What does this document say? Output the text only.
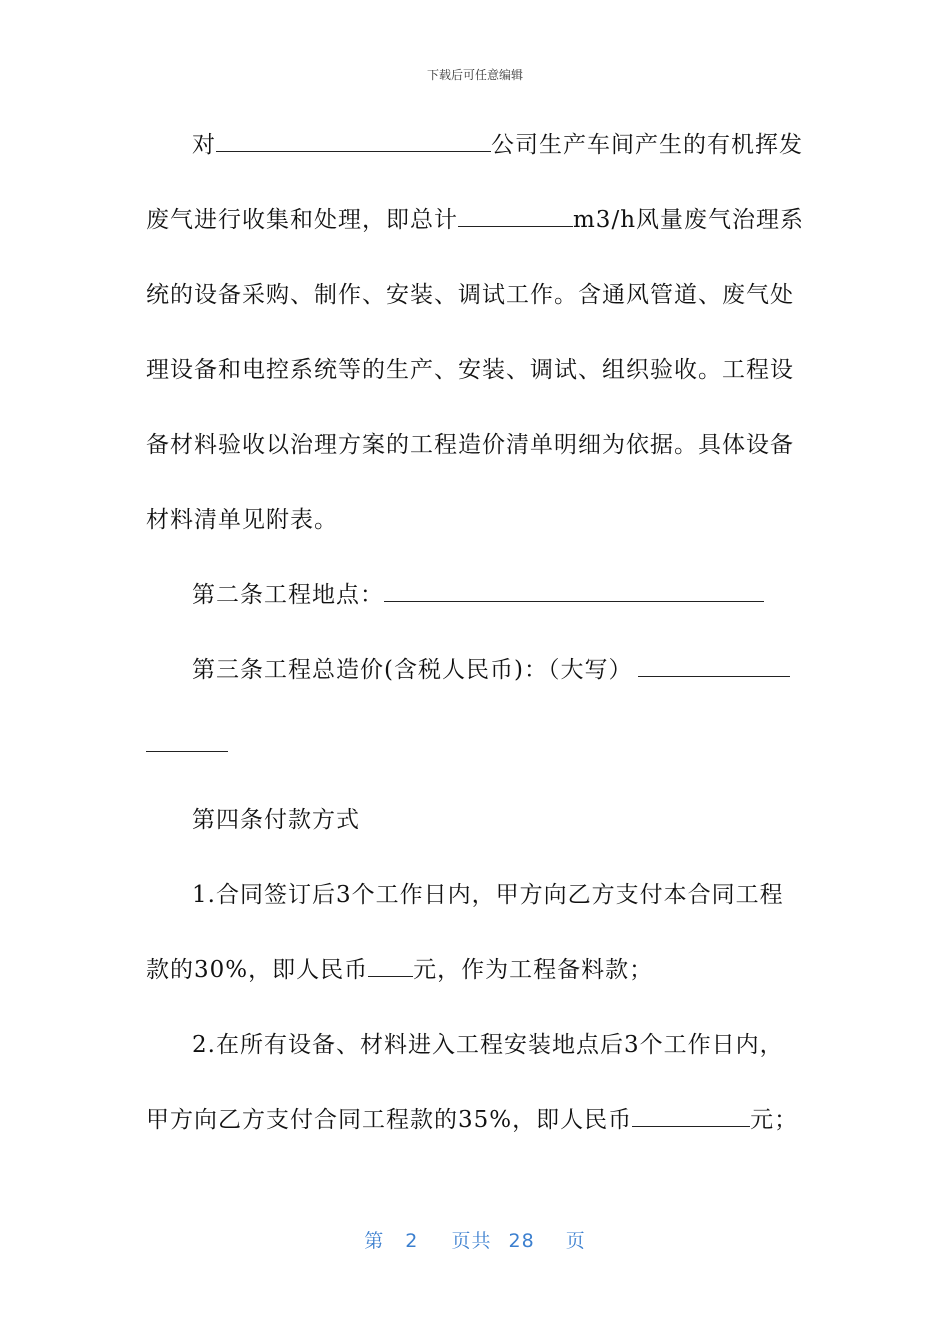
下载后可任意编辑
对	公司生产车间产生的有机挥发
废气进行收集和处理，即总计	m3/h风量废气治理系
统的设备采购、制作、安装、调试工作。含通风管道、废气处
理设备和电控系统等的生产、安装、调试、组织验收。工程设
备材料验收以治理方案的工程造价清单明细为依据。具体设备
材料清单见附表。
第二条工程地点：
第三条工程总造价(含税人民币)：（大写）
第四条付款方式
1.合同签订后3个工作日内，甲方向乙方支付本合同工程
款的30%，即人民币 元，作为工程备料款；
2.在所有设备、材料进入工程安装地点后3个工作日内，
甲方向乙方支付合同工程款的35%，即人民币	元；
第 2 页共 28 页
